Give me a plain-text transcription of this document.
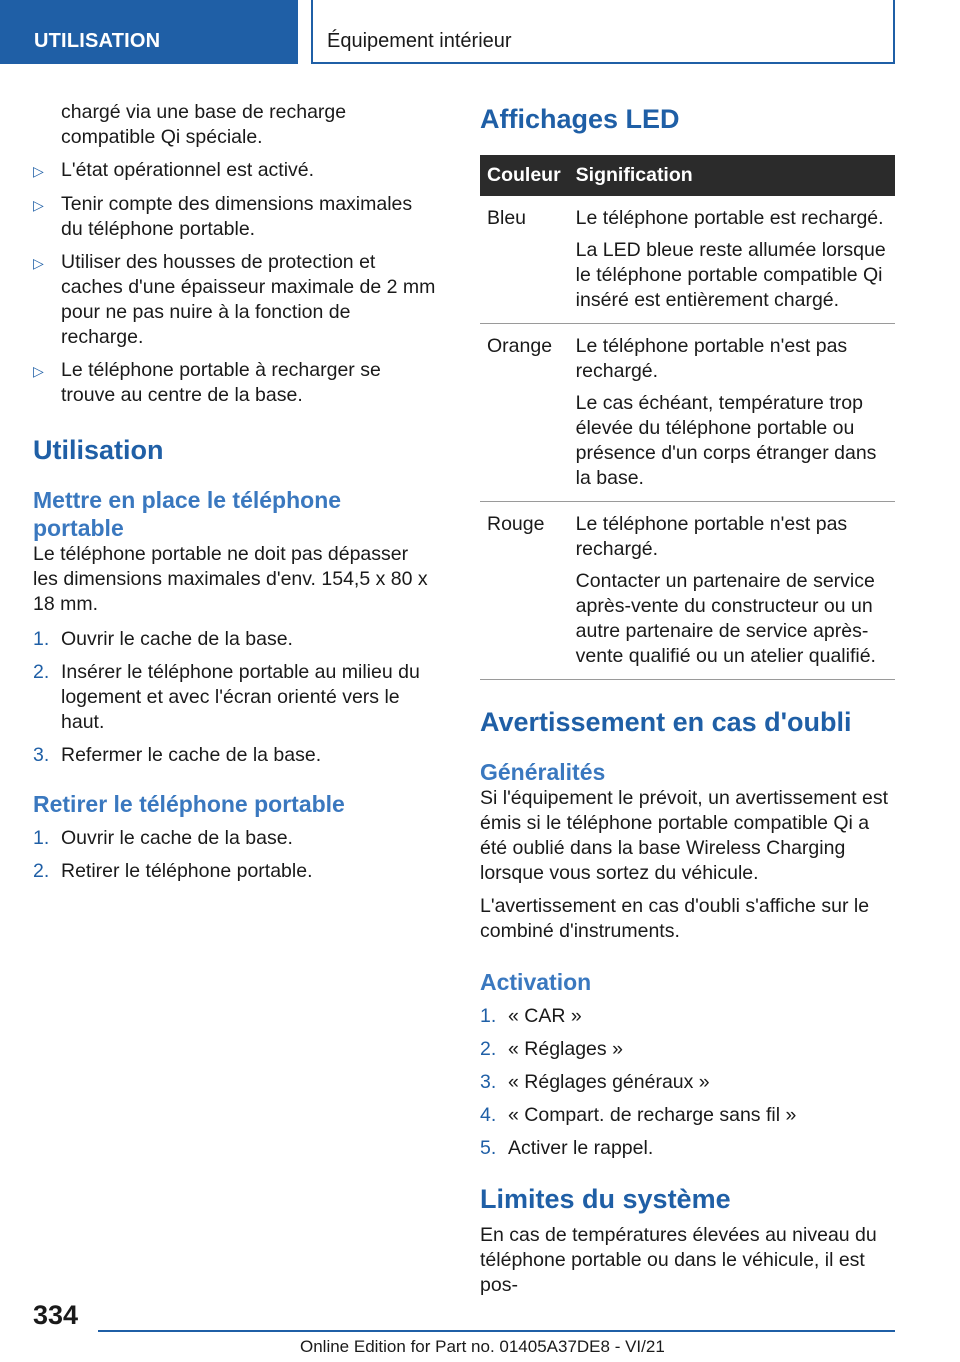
UTILISATION	Équipement intérieur

chargé via une base de recharge compatible Qi spéciale.

▷ L'état opérationnel est activé.
▷ Tenir compte des dimensions maximales du téléphone portable.
▷ Utiliser des housses de protection et caches d'une épaisseur maximale de 2 mm pour ne pas nuire à la fonction de recharge.
▷ Le téléphone portable à recharger se trouve au centre de la base.
Utilisation
Mettre en place le téléphone portable

Le téléphone portable ne doit pas dépasser les dimensions maximales d'env. 154,5 x 80 x 18 mm.

1. Ouvrir le cache de la base.
2. Insérer le téléphone portable au milieu du logement et avec l'écran orienté vers le haut.
3. Refermer le cache de la base.
Retirer le téléphone portable
1. Ouvrir le cache de la base.
2. Retirer le téléphone portable.
Affichages LED
Couleur	Signification
Bleu	Le téléphone portable est rechargé.
La LED bleue reste allumée lorsque le téléphone portable compatible Qi inséré est entièrement chargé.

Orange	Le téléphone portable n'est pas rechargé.
Le cas échéant, température trop élevée du téléphone portable ou présence d'un corps étranger dans la base.

Rouge	Le téléphone portable n'est pas rechargé.
Contacter un partenaire de service après-vente du constructeur ou un autre partenaire de service après-vente qualifié ou un atelier qualifié.
Avertissement en cas d'oubli
Généralités

Si l'équipement le prévoit, un avertissement est émis si le téléphone portable compatible Qi a été oublié dans la base Wireless Charging lorsque vous sortez du véhicule.

L'avertissement en cas d'oubli s'affiche sur le combiné d'instruments.

Activation
1. « CAR »
2. « Réglages »
3. « Réglages généraux »
4. « Compart. de recharge sans fil »
5. Activer le rappel.
Limites du système

En cas de températures élevées au niveau du téléphone portable ou dans le véhicule, il est pos-

334
Online Edition for Part no. 01405A37DE8 - VI/21
